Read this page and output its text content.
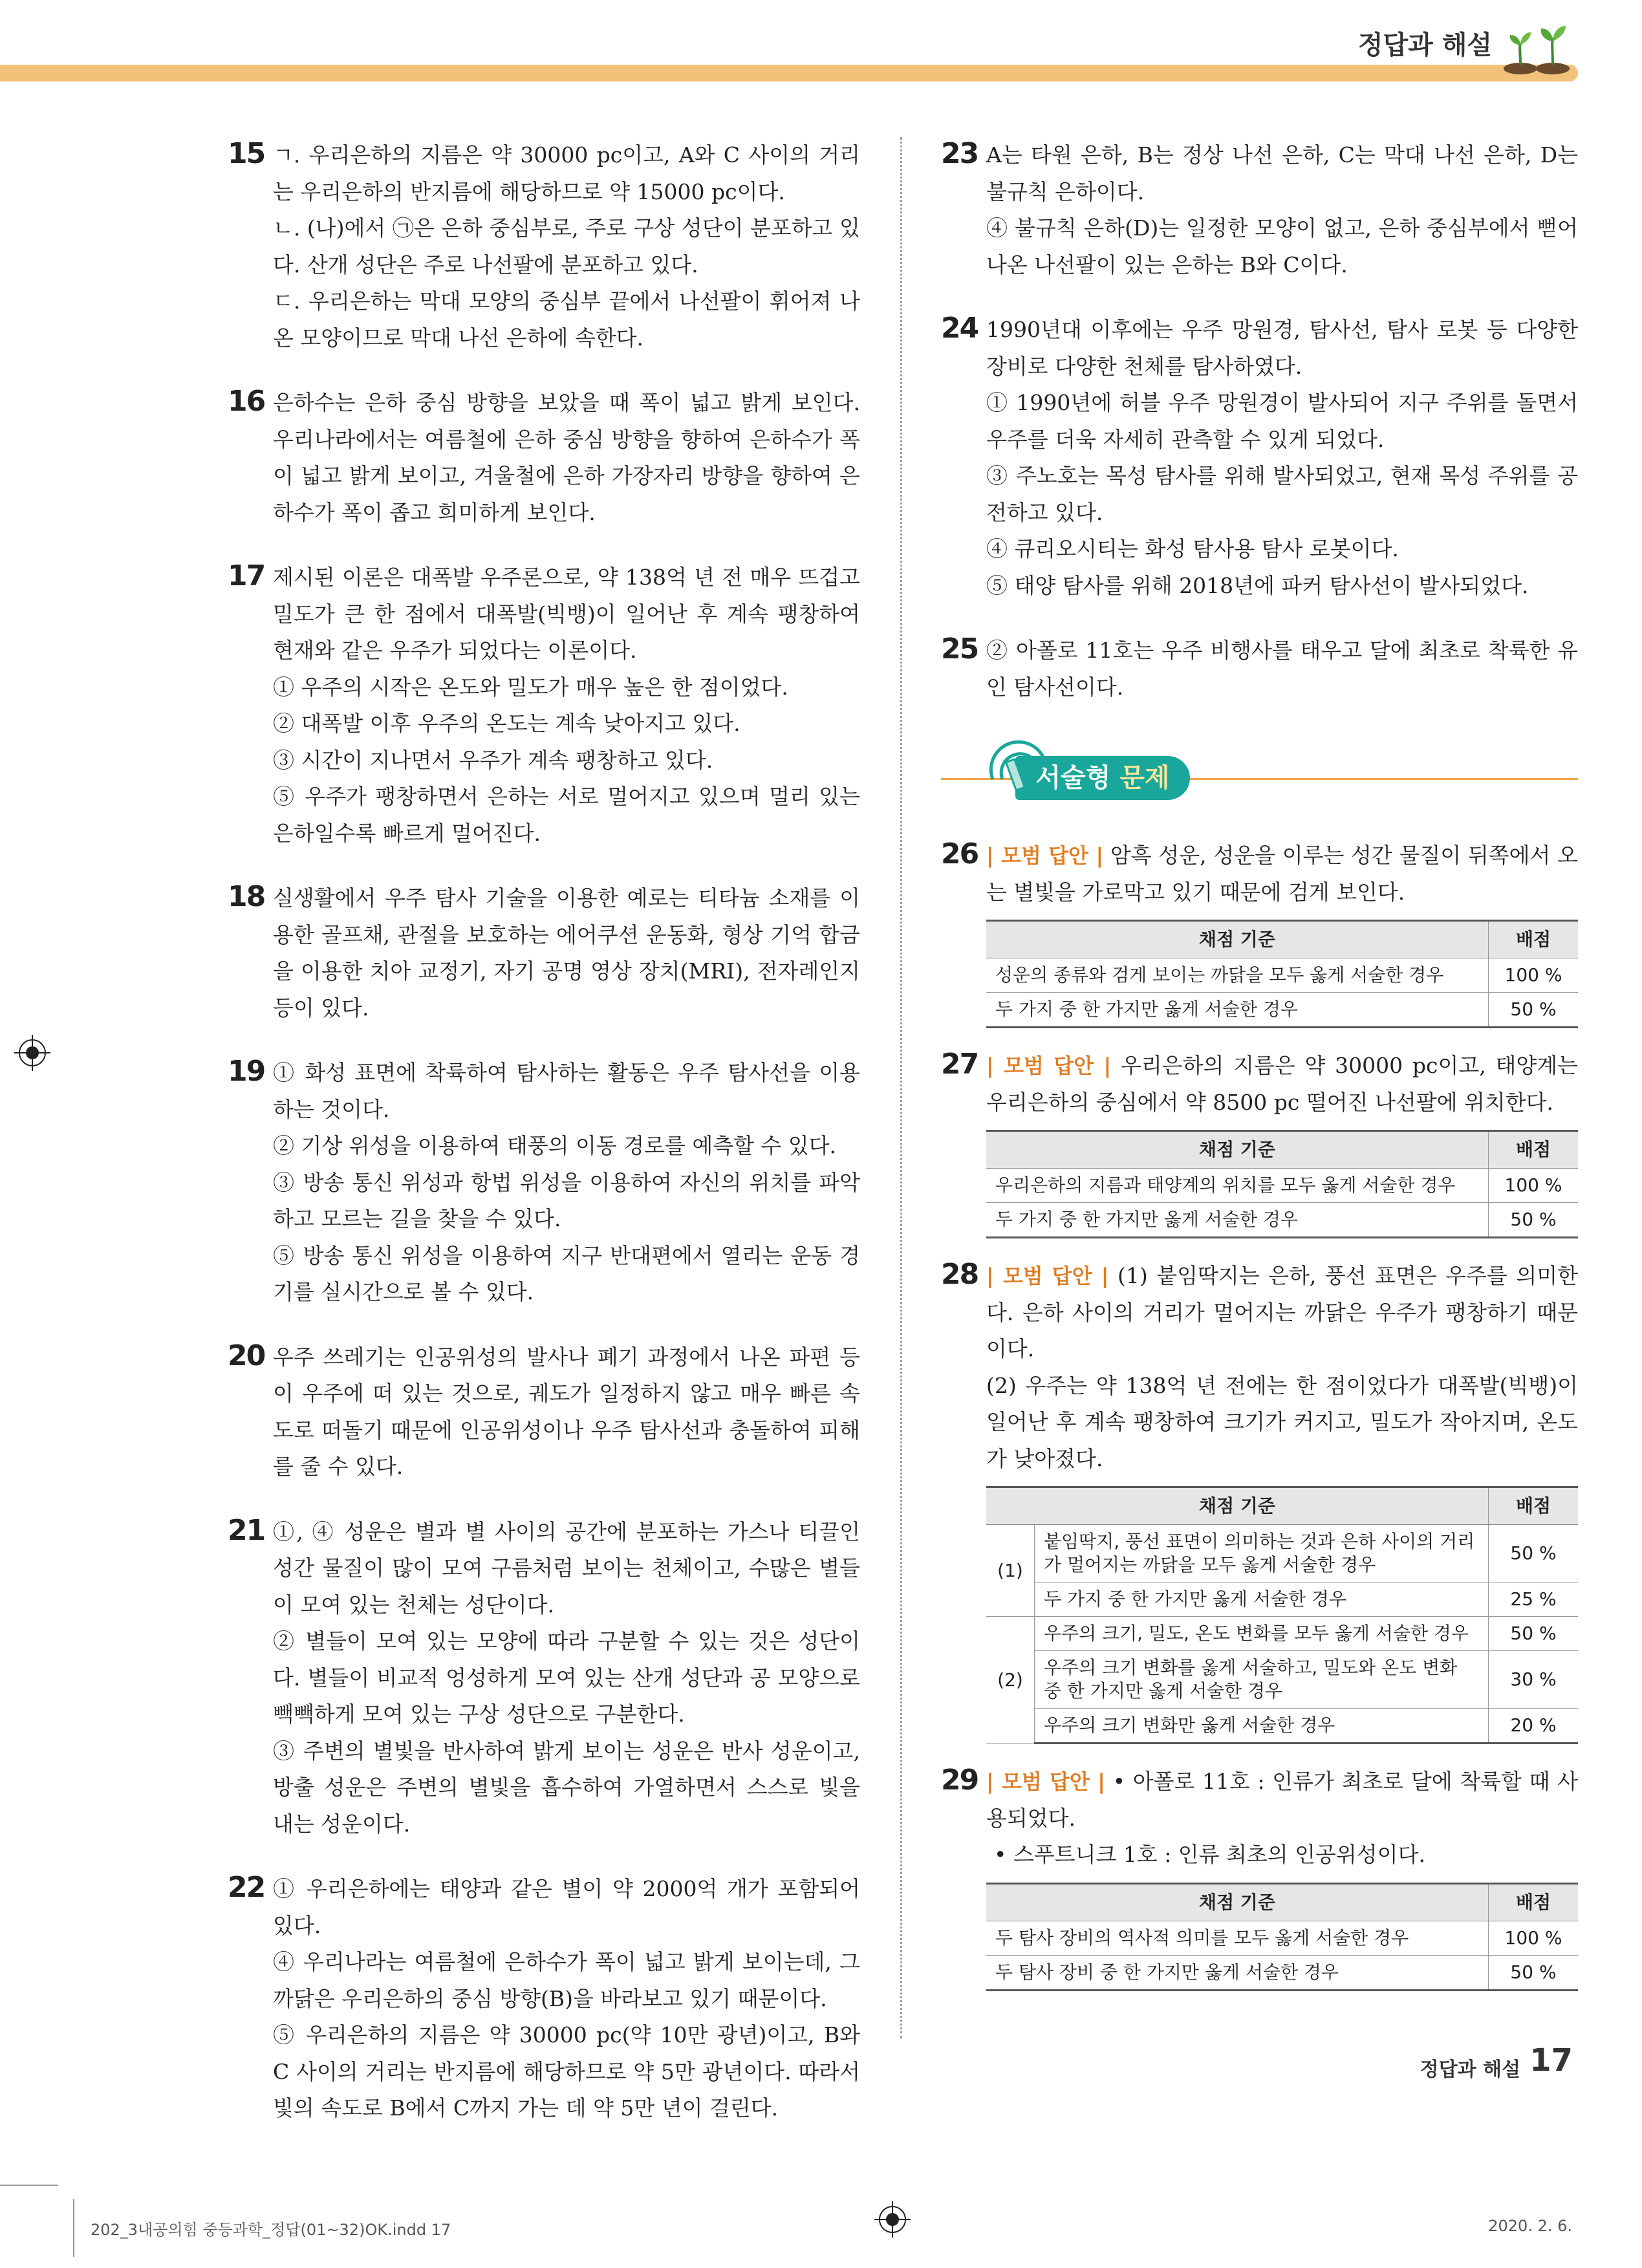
정답과 해설
15 ㄱ. 우리은하의 지름은 약 30000 pc이고, A와 C 사이의 거리는 우리은하의 반지름에 해당하므로 약 15000 pc이다.

ㄴ. (나)에서 ㉠은 은하 중심부로, 주로 구상 성단이 분포하고 있다. 산개 성단은 주로 나선팔에 분포하고 있다.

ㄷ. 우리은하는 막대 모양의 중심부 끝에서 나선팔이 휘어져 나온 모양이므로 막대 나선 은하에 속한다.

16 은하수는 은하 중심 방향을 보았을 때 폭이 넓고 밝게 보인다. 우리나라에서는 여름철에 은하 중심 방향을 향하여 은하수가 폭이 넓고 밝게 보이고, 겨울철에 은하 가장자리 방향을 향하여 은하수가 폭이 좁고 희미하게 보인다.

17 제시된 이론은 대폭발 우주론으로, 약 138억 년 전 매우 뜨겁고 밀도가 큰 한 점에서 대폭발(빅뱅)이 일어난 후 계속 팽창하여 현재와 같은 우주가 되었다는 이론이다.

① 우주의 시작은 온도와 밀도가 매우 높은 한 점이었다.

② 대폭발 이후 우주의 온도는 계속 낮아지고 있다.

③ 시간이 지나면서 우주가 계속 팽창하고 있다.

⑤ 우주가 팽창하면서 은하는 서로 멀어지고 있으며 멀리 있는 은하일수록 빠르게 멀어진다.

18 실생활에서 우주 탐사 기술을 이용한 예로는 티타늄 소재를 이용한 골프채, 관절을 보호하는 에어쿠션 운동화, 형상 기억 합금을 이용한 치아 교정기, 자기 공명 영상 장치(MRI), 전자레인지 등이 있다.

19 ① 화성 표면에 착륙하여 탐사하는 활동은 우주 탐사선을 이용하는 것이다.

② 기상 위성을 이용하여 태풍의 이동 경로를 예측할 수 있다.

③ 방송 통신 위성과 항법 위성을 이용하여 자신의 위치를 파악하고 모르는 길을 찾을 수 있다.

⑤ 방송 통신 위성을 이용하여 지구 반대편에서 열리는 운동 경기를 실시간으로 볼 수 있다.

20 우주 쓰레기는 인공위성의 발사나 폐기 과정에서 나온 파편 등이 우주에 떠 있는 것으로, 궤도가 일정하지 않고 매우 빠른 속도로 떠돌기 때문에 인공위성이나 우주 탐사선과 충돌하여 피해를 줄 수 있다.

21 ①, ④ 성운은 별과 별 사이의 공간에 분포하는 가스나 티끌인 성간 물질이 많이 모여 구름처럼 보이는 천체이고, 수많은 별들이 모여 있는 천체는 성단이다.

② 별들이 모여 있는 모양에 따라 구분할 수 있는 것은 성단이다. 별들이 비교적 엉성하게 모여 있는 산개 성단과 공 모양으로 빽빽하게 모여 있는 구상 성단으로 구분한다.

③ 주변의 별빛을 반사하여 밝게 보이는 성운은 반사 성운이고, 방출 성운은 주변의 별빛을 흡수하여 가열하면서 스스로 빛을 내는 성운이다.

22 ① 우리은하에는 태양과 같은 별이 약 2000억 개가 포함되어 있다.

④ 우리나라는 여름철에 은하수가 폭이 넓고 밝게 보이는데, 그 까닭은 우리은하의 중심 방향(B)을 바라보고 있기 때문이다.

⑤ 우리은하의 지름은 약 30000 pc(약 10만 광년)이고, B와 C 사이의 거리는 반지름에 해당하므로 약 5만 광년이다. 따라서 빛의 속도로 B에서 C까지 가는 데 약 5만 년이 걸린다.

23 A는 타원 은하, B는 정상 나선 은하, C는 막대 나선 은하, D는 불규칙 은하이다.

④ 불규칙 은하(D)는 일정한 모양이 없고, 은하 중심부에서 뻗어 나온 나선팔이 있는 은하는 B와 C이다.

24 1990년대 이후에는 우주 망원경, 탐사선, 탐사 로봇 등 다양한 장비로 다양한 천체를 탐사하였다.

① 1990년에 허블 우주 망원경이 발사되어 지구 주위를 돌면서 우주를 더욱 자세히 관측할 수 있게 되었다.

③ 주노호는 목성 탐사를 위해 발사되었고, 현재 목성 주위를 공전하고 있다.

④ 큐리오시티는 화성 탐사용 탐사 로봇이다.

⑤ 태양 탐사를 위해 2018년에 파커 탐사선이 발사되었다.

25 ② 아폴로 11호는 우주 비행사를 태우고 달에 최초로 착륙한 유인 탐사선이다.

서술형 문제
26 | 모범 답안 | 암흑 성운, 성운을 이루는 성간 물질이 뒤쪽에서 오는 별빛을 가로막고 있기 때문에 검게 보인다.

채점 기준	배점
성운의 종류와 검게 보이는 까닭을 모두 옳게 서술한 경우	100 %
두 가지 중 한 가지만 옳게 서술한 경우	50 %
27 | 모범 답안 | 우리은하의 지름은 약 30000 pc이고, 태양계는 우리은하의 중심에서 약 8500 pc 떨어진 나선팔에 위치한다.

채점 기준	배점
우리은하의 지름과 태양계의 위치를 모두 옳게 서술한 경우	100 %
두 가지 중 한 가지만 옳게 서술한 경우	50 %
28 | 모범 답안 | (1) 붙임딱지는 은하, 풍선 표면은 우주를 의미한다. 은하 사이의 거리가 멀어지는 까닭은 우주가 팽창하기 때문이다.

(2) 우주는 약 138억 년 전에는 한 점이었다가 대폭발(빅뱅)이 일어난 후 계속 팽창하여 크기가 커지고, 밀도가 작아지며, 온도가 낮아졌다.

채점 기준		배점
(1)	붙임딱지, 풍선 표면이 의미하는 것과 은하 사이의 거리가 멀어지는 까닭을 모두 옳게 서술한 경우	50 %
	두 가지 중 한 가지만 옳게 서술한 경우	25 %
(2)	우주의 크기, 밀도, 온도 변화를 모두 옳게 서술한 경우	50 %
	우주의 크기 변화를 옳게 서술하고, 밀도와 온도 변화 중 한 가지만 옳게 서술한 경우	30 %
	우주의 크기 변화만 옳게 서술한 경우	20 %
29 | 모범 답안 | • 아폴로 11호 : 인류가 최초로 달에 착륙할 때 사용되었다.

• 스푸트니크 1호 : 인류 최초의 인공위성이다.

채점 기준	배점
두 탐사 장비의 역사적 의미를 모두 옳게 서술한 경우	100 %
두 탐사 장비 중 한 가지만 옳게 서술한 경우	50 %
정답과 해설 17
202_3내공의힘 중등과학_정답(01~32)OK.indd 17	2020. 2. 6.
